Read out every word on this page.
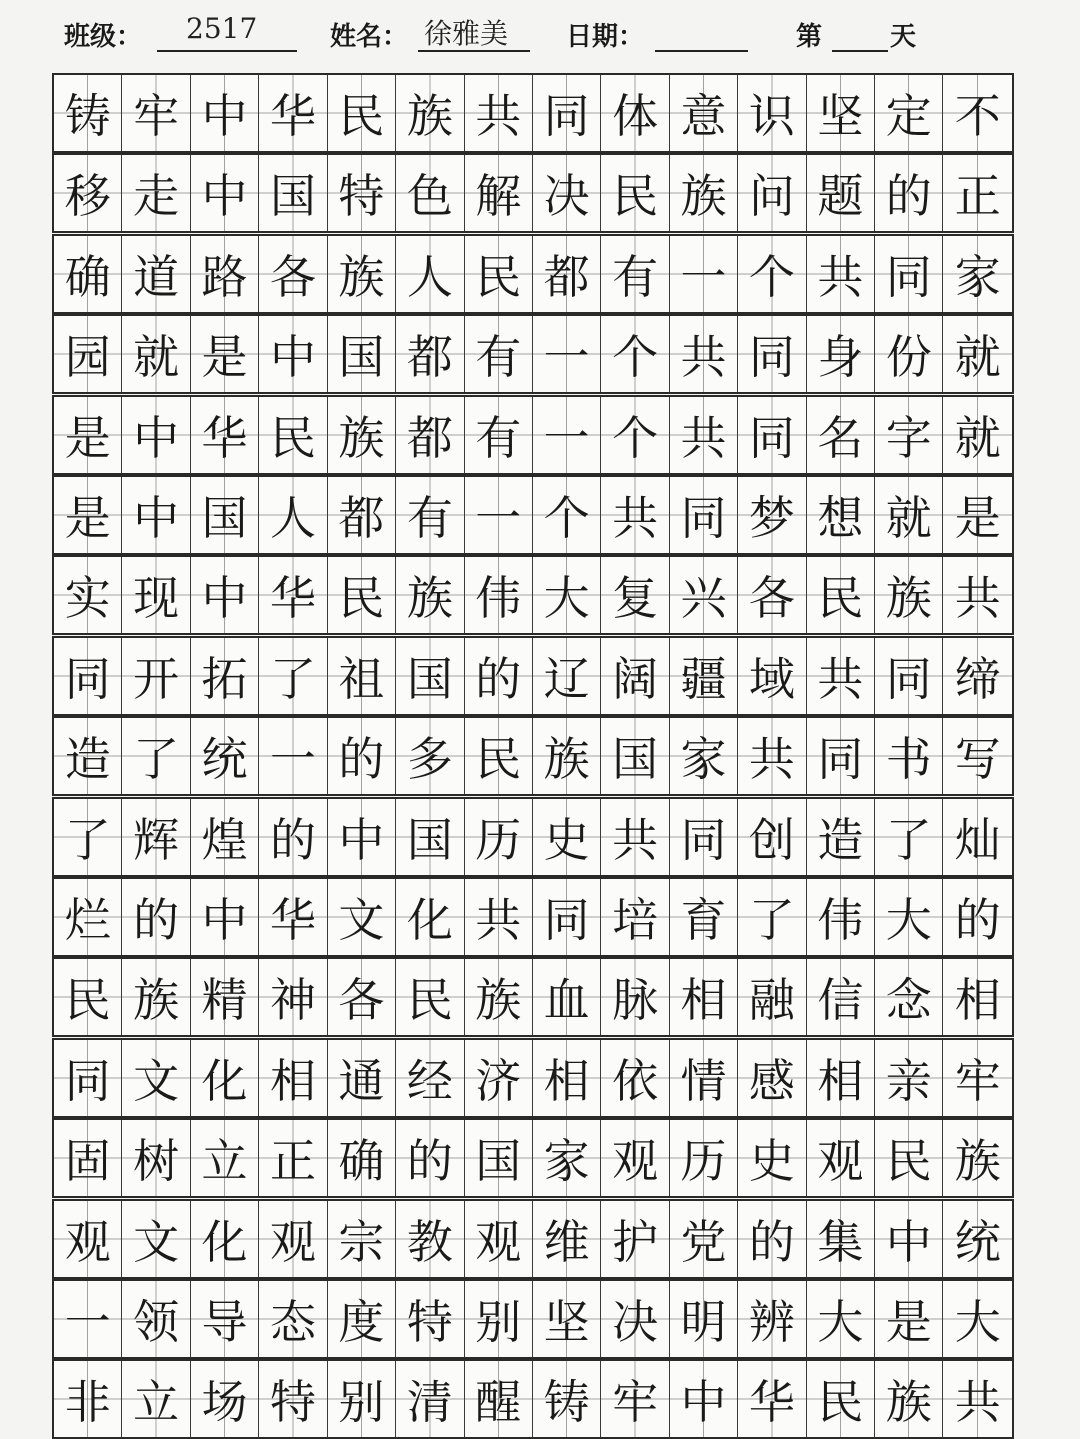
班级： 2517	姓名： 徐雅美 日期：	第	天
铸 牢 中 华 民 族 共 同 体 意 识 坚 定 不
移 走 中 国 特 色 解 决 民 族 问 题 的 正
确 道 路 各 族 人 民 都 有 一 个 共 同 家
园 就 是 中 国 都 有 一 个 共 同 身 份 就
是 中 华 民 族 都 有 一 个 共 同 名 字 就
是 中 国 人 都 有 一 个 共 同 梦 想 就 是
实 现 中 华 民 族 伟 大 复 兴 各 民 族 共
同 开 拓 了 祖 国 的 辽 阔 疆 域 共 同 缔
造 了 统 一 的 多 民 族 国 家 共 同 书 写
了 辉 煌 的 中 国 历 史 共 同 创 造 了 灿
烂 的 中 华 文 化 共 同 培 育 了 伟 大 的
民 族 精 神 各 民 族 血 脉 相 融 信 念 相
同 文 化 相 通 经 济 相 依 情 感 相 亲 牢
固 树 立 正 确 的 国 家 观 历 史 观 民 族
观 文 化 观 宗 教 观 维 护 党 的 集 中 统
一 领 导 态 度 特 别 坚 决 明 辨 大 是 大
非 立 场 特 别 清 醒 铸 牢 中 华 民 族 共
